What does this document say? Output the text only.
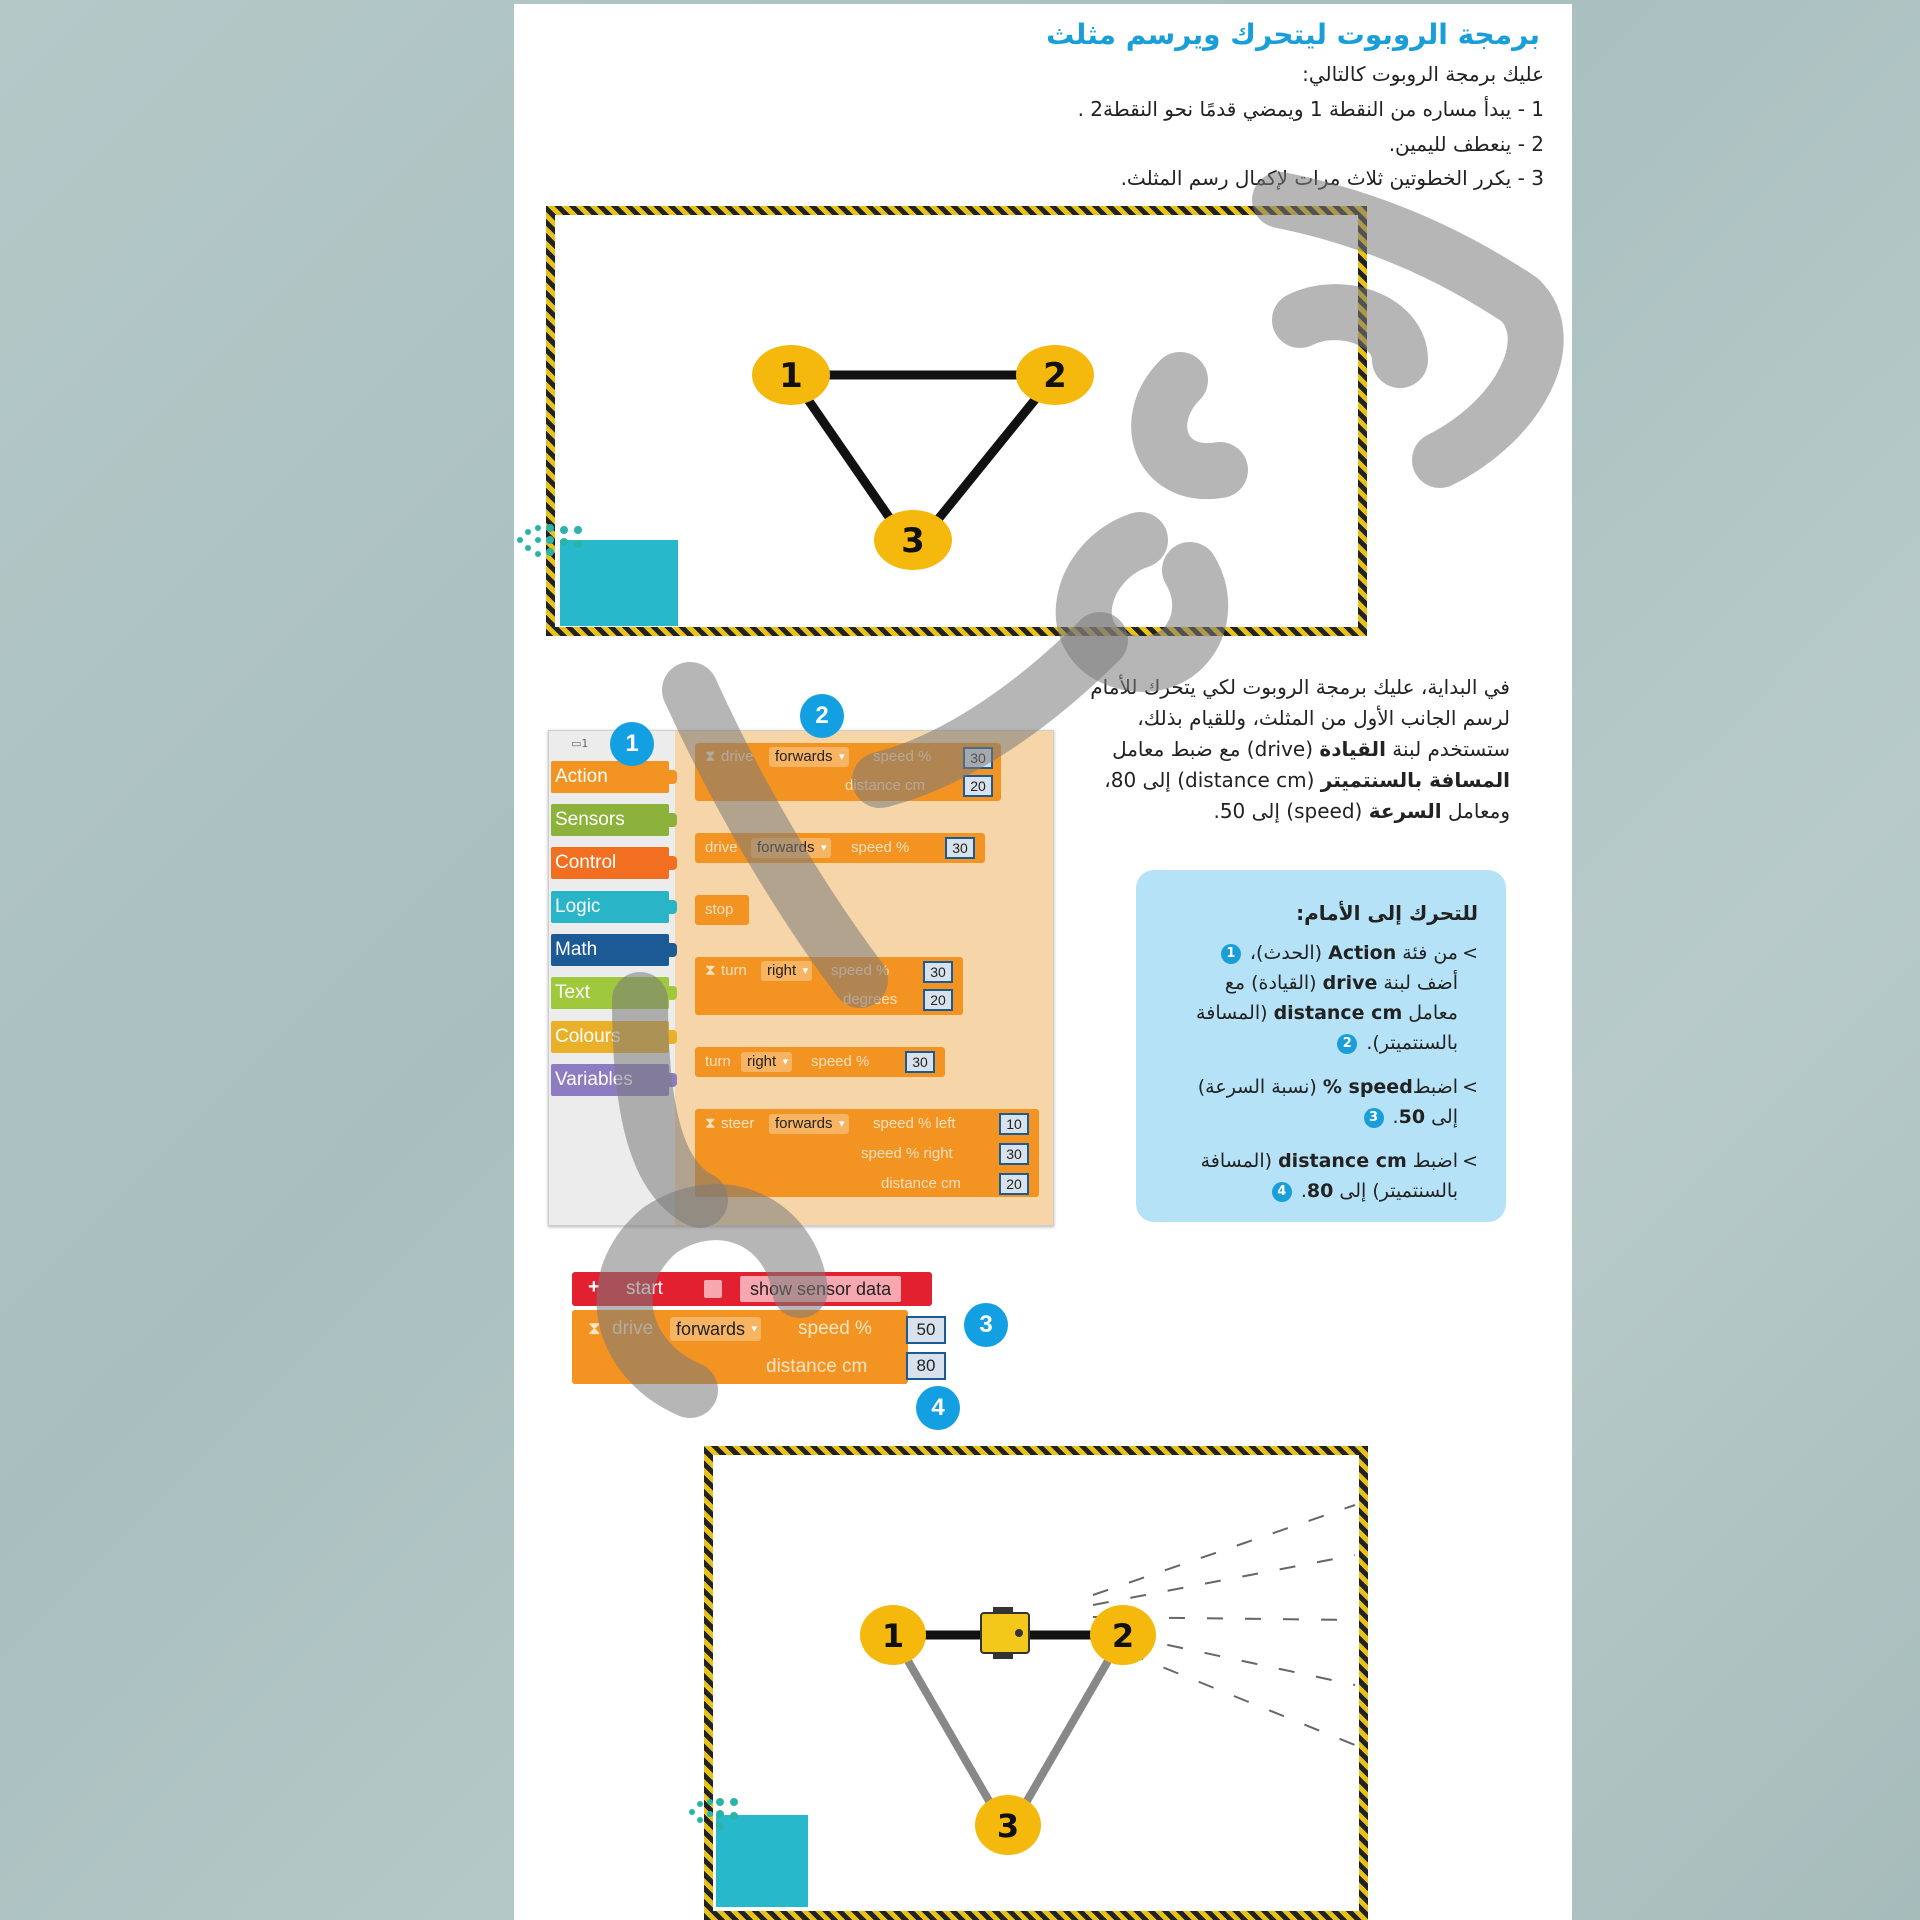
برمجة الروبوت ليتحرك ويرسم مثلث
عليك برمجة الروبوت كالتالي:
1 - يبدأ مساره من النقطة 1 ويمضي قدمًا نحو النقطة2 .
2 - ينعطف لليمين.
3 - يكرر الخطوتين ثلاث مرات لإكمال رسم المثلث.
1	2
3
في البداية، عليك برمجة الروبوت لكي يتحرك للأمام
لرسم الجانب الأول من المثلث، وللقيام بذلك،
ستستخدم لبنة القيادة (drive) مع ضبط معامل
المسافة بالسنتميتر (distance cm) إلى 80،
ومعامل السرعة (speed) إلى 50.
للتحرك إلى الأمام:
> من فئة Action (الحدث)، 1
أضف لبنة drive (القيادة) مع
معامل distance cm (المسافة
بالسنتميتر). 2
> اضبطspeed % (نسبة السرعة)
إلى 50. 3
> اضبط distance cm (المسافة
بالسنتميتر) إلى 80. 4
▭1
Action
Sensors
Control
Logic
Math
Text
Colours
Variables
⧗ drive	forwards ▾	speed %
distance cm
30
20
drive	forwards ▾	speed %	30
stop
⧗ turn	right ▾	speed %
degrees
30
20
turn	right ▾	speed %	30
⧗ steer	forwards ▾	speed % left
speed % right
distance cm
10
30
20
1
2
+ start	show sensor data
⧗ drive	forwards ▾	speed %
distance cm
50
80
3
4
1	2
3
